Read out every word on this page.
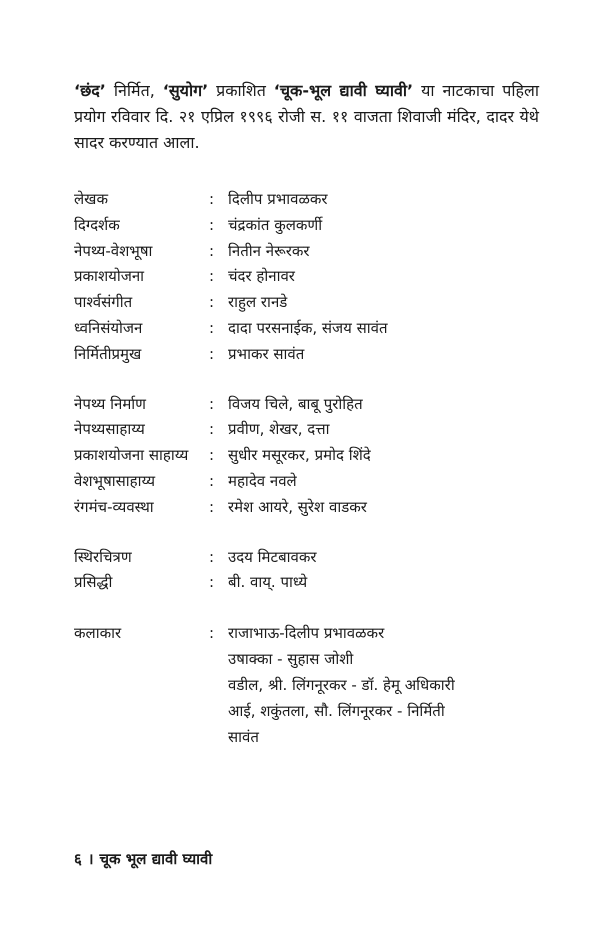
‘छंद’ निर्मित, ‘सुयोग’ प्रकाशित ‘चूक-भूल द्यावी घ्यावी’ या नाटकाचा पहिला प्रयोग रविवार दि. २१ एप्रिल १९९६ रोजी स. ११ वाजता शिवाजी मंदिर, दादर येथे सादर करण्यात आला.

लेखक	: दिलीप प्रभावळकर
दिग्दर्शक	: चंद्रकांत कुलकर्णी
नेपथ्य-वेशभूषा	: नितीन नेरूरकर
प्रकाशयोजना	: चंदर होनावर
पार्श्वसंगीत	: राहुल रानडे
ध्वनिसंयोजन	: दादा परसनाईक, संजय सावंत
निर्मितीप्रमुख	: प्रभाकर सावंत
नेपथ्य निर्माण	: विजय चिले, बाबू पुरोहित
नेपथ्यसाहाय्य	: प्रवीण, शेखर, दत्ता
प्रकाशयोजना साहाय्य	: सुधीर मसूरकर, प्रमोद शिंदे
वेशभूषासाहाय्य	: महादेव नवले
रंगमंच-व्यवस्था	: रमेश आयरे, सुरेश वाडकर
स्थिरचित्रण	: उदय मिटबावकर
प्रसिद्धी	: बी. वाय्. पाध्ये
कलाकार	: राजाभाऊ-दिलीप प्रभावळकर
उषाक्का - सुहास जोशी
वडील, श्री. लिंगनूरकर - डॉ. हेमू अधिकारी
आई, शकुंतला, सौ. लिंगनूरकर - निर्मिती
सावंत
६ । चूक भूल द्यावी घ्यावी
